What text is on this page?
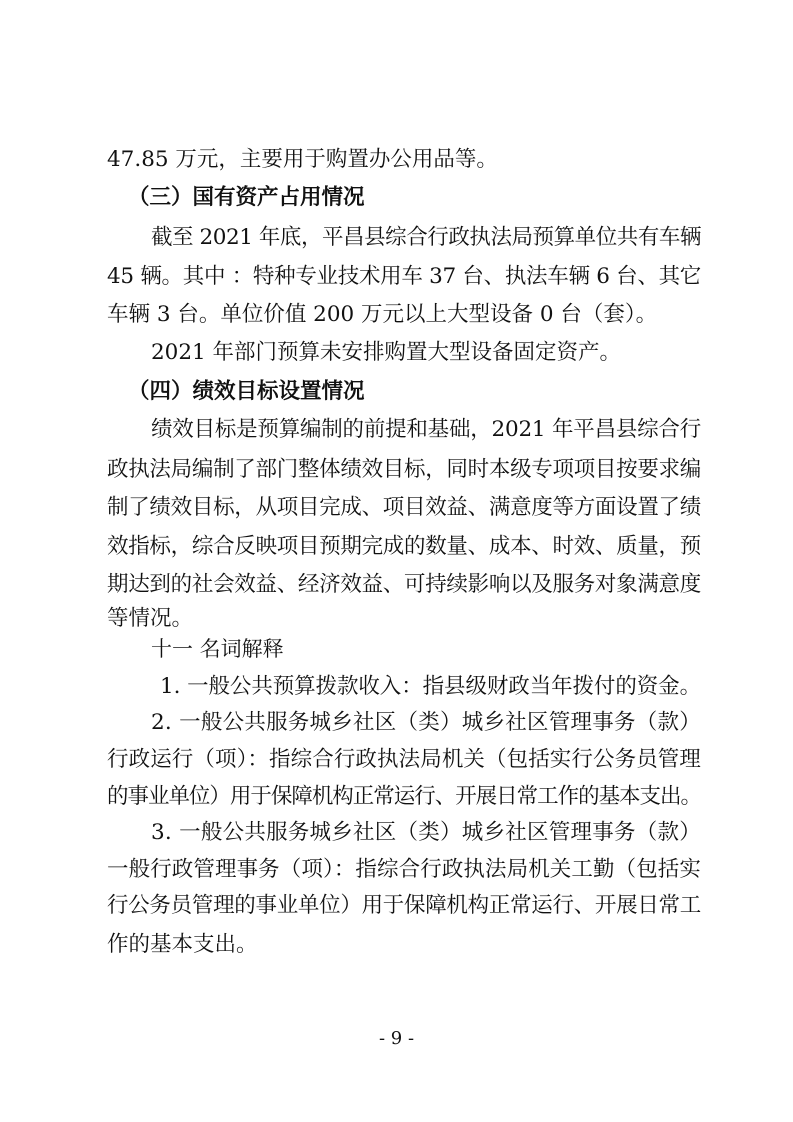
47.85 万元，主要用于购置办公用品等。
（三）国有资产占用情况
截至 2021 年底，平昌县综合行政执法局预算单位共有车辆
45 辆。其中 ：特种专业技术用车 37 台、执法车辆 6 台、其它
车辆 3 台。单位价值 200 万元以上大型设备 0 台（套）。
2021 年部门预算未安排购置大型设备固定资产。
（四）绩效目标设置情况
绩效目标是预算编制的前提和基础，2021 年平昌县综合行
政执法局编制了部门整体绩效目标，同时本级专项项目按要求编
制了绩效目标，从项目完成、项目效益、满意度等方面设置了绩
效指标，综合反映项目预期完成的数量、成本、时效、质量，预
期达到的社会效益、经济效益、可持续影响以及服务对象满意度
等情况。
十一 名词解释
1. 一般公共预算拨款收入：指县级财政当年拨付的资金。
2. 一般公共服务城乡社区（类）城乡社区管理事务（款）
行政运行（项）：指综合行政执法局机关（包括实行公务员管理
的事业单位）用于保障机构正常运行、开展日常工作的基本支出。
3. 一般公共服务城乡社区（类）城乡社区管理事务（款）
一般行政管理事务（项）：指综合行政执法局机关工勤（包括实
行公务员管理的事业单位）用于保障机构正常运行、开展日常工
作的基本支出。
- 9 -
